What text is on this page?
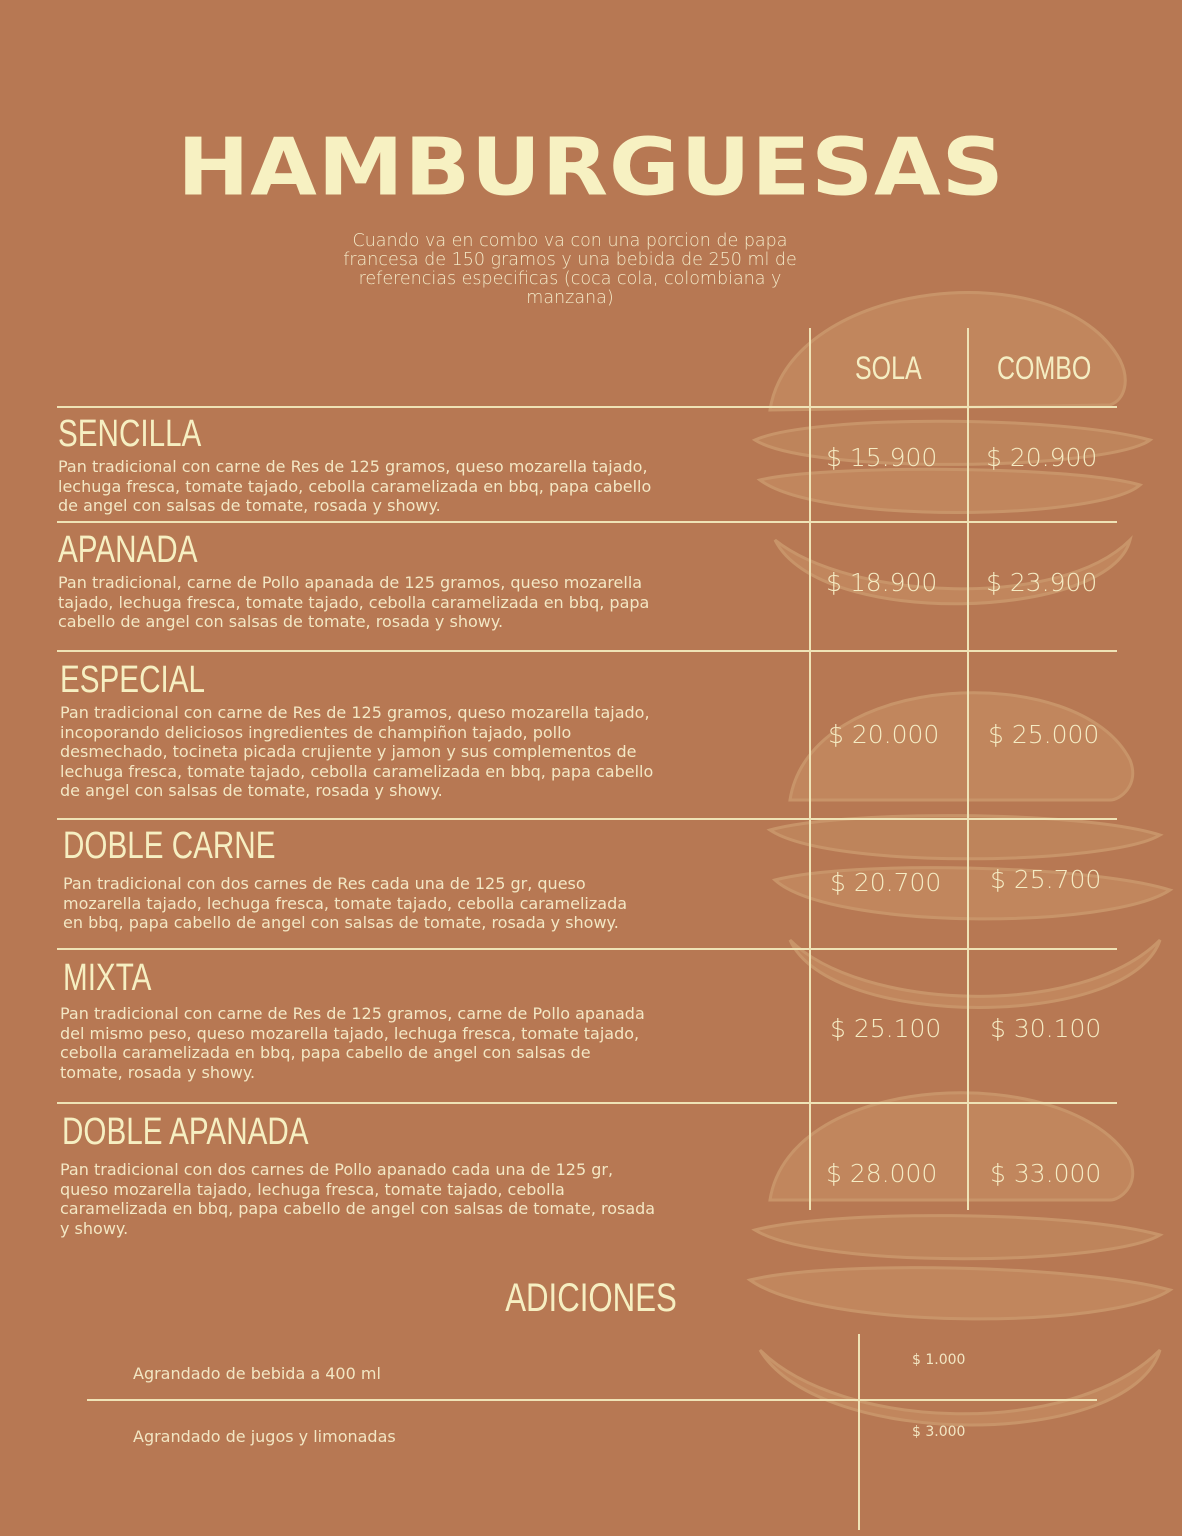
HAMBURGUESAS
Cuando va en combo va con una porcion de papa
francesa de 150 gramos y una bebida de 250 ml de
referencias especificas (coca cola, colombiana y
manzana)
SOLA COMBO
SENCILLA
Pan tradicional con carne de Res de 125 gramos, queso mozarella tajado,
lechuga fresca, tomate tajado, cebolla caramelizada en bbq, papa cabello
de angel con salsas de tomate, rosada y showy.
$ 15.900 $ 20.900
APANADA
Pan tradicional, carne de Pollo apanada de 125 gramos, queso mozarella
tajado, lechuga fresca, tomate tajado, cebolla caramelizada en bbq, papa
cabello de angel con salsas de tomate, rosada y showy.
$ 18.900 $ 23.900
ESPECIAL
Pan tradicional con carne de Res de 125 gramos, queso mozarella tajado,
incoporando deliciosos ingredientes de champiñon tajado, pollo
desmechado, tocineta picada crujiente y jamon y sus complementos de
lechuga fresca, tomate tajado, cebolla caramelizada en bbq, papa cabello
de angel con salsas de tomate, rosada y showy.
$ 20.000 $ 25.000
DOBLE CARNE
Pan tradicional con dos carnes de Res cada una de 125 gr, queso
mozarella tajado, lechuga fresca, tomate tajado, cebolla caramelizada
en bbq, papa cabello de angel con salsas de tomate, rosada y showy.
$ 20.700 $ 25.700
MIXTA
Pan tradicional con carne de Res de 125 gramos, carne de Pollo apanada
del mismo peso, queso mozarella tajado, lechuga fresca, tomate tajado,
cebolla caramelizada en bbq, papa cabello de angel con salsas de
tomate, rosada y showy.
$ 25.100 $ 30.100
DOBLE APANADA
Pan tradicional con dos carnes de Pollo apanado cada una de 125 gr,
queso mozarella tajado, lechuga fresca, tomate tajado, cebolla
caramelizada en bbq, papa cabello de angel con salsas de tomate, rosada
y showy.
$ 28.000 $ 33.000
ADICIONES
Agrandado de bebida a 400 ml
$ 1.000
Agrandado de jugos y limonadas	$ 3.000
